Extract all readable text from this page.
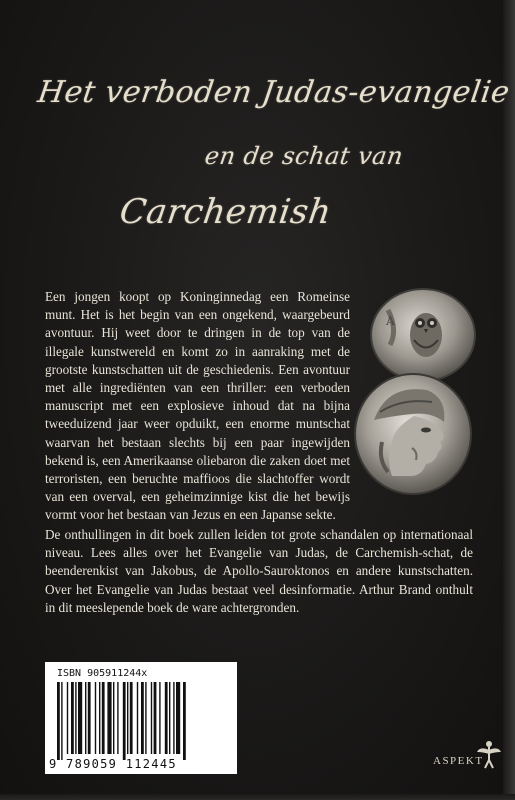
Het verboden Judas-evangelie
en de schat van
Carchemish
A

Een jongen koopt op Koninginnedag een Romeinse munt. Het is het begin van een ongekend, waargebeurd avontuur. Hij weet door te dringen in de top van de illegale kunstwereld en komt zo in aanraking met de grootste kunstschatten uit de geschiedenis. Een avontuur met alle ingrediënten van een thriller: een verboden manuscript met een explosieve inhoud dat na bijna tweeduizend jaar weer opduikt, een enorme muntschat waarvan het bestaan slechts bij een paar ingewijden bekend is, een Amerikaanse oliebaron die zaken doet met terroristen, een beruchte maffioos die slachtoffer wordt van een overval, een geheimzinnige kist die het bewijs vormt voor het bestaan van Jezus en een Japanse sekte.

De onthullingen in dit boek zullen leiden tot grote schandalen op internationaal niveau. Lees alles over het Evangelie van Judas, de Carchemish-schat, de beenderenkist van Jakobus, de Apollo-Sauroktonos en andere kunstschatten. Over het Evangelie van Judas bestaat veel desinformatie. Arthur Brand onthult in dit meeslepende boek de ware achtergronden.

ISBN 905911244x
9 789059 112445	ASPEKT
